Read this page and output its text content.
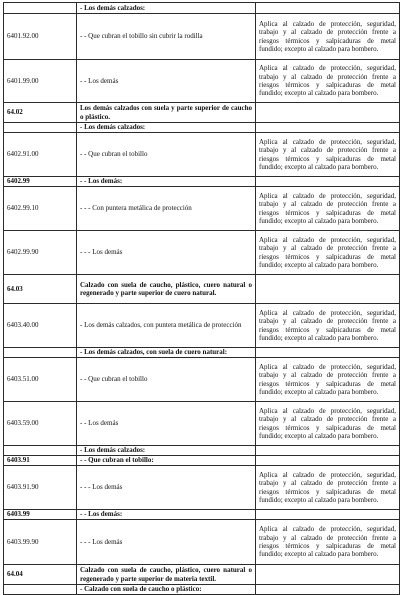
	- Los demás calzados:	
6401.92.00	- - Que cubran el tobillo sin cubrir la rodilla	Aplica al calzado de protección, seguridad, trabajo y al calzado de protección frente a riesgos térmicos y salpicaduras de metal fundido; excepto al calzado para bombero.
6401.99.00	- - Los demás	Aplica al calzado de protección, seguridad, trabajo y al calzado de protección frente a riesgos térmicos y salpicaduras de metal fundido; excepto al calzado para bombero.
64.02	Los demás calzados con suela y parte superior de caucho o plástico.	
	- Los demás calzados:	
6402.91.00	- - Que cubran el tobillo	Aplica al calzado de protección, seguridad, trabajo y al calzado de protección frente a riesgos térmicos y salpicaduras de metal fundido; excepto al calzado para bombero.
6402.99	- - Los demás:	
6402.99.10	- - - Con puntera metálica de protección	Aplica al calzado de protección, seguridad, trabajo y al calzado de protección frente a riesgos térmicos y salpicaduras de metal fundido; excepto al calzado para bombero.
6402.99.90	- - - Los demás	Aplica al calzado de protección, seguridad, trabajo y al calzado de protección frente a riesgos térmicos y salpicaduras de metal fundido; excepto al calzado para bombero.
64.03	Calzado con suela de caucho, plástico, cuero natural o regenerado y parte superior de cuero natural.	
6403.40.00	- Los demás calzados, con puntera metálica de protección	Aplica al calzado de protección, seguridad, trabajo y al calzado de protección frente a riesgos térmicos y salpicaduras de metal fundido; excepto al calzado para bombero.
	- Los demás calzados, con suela de cuero natural:	
6403.51.00	- - Que cubran el tobillo	Aplica al calzado de protección, seguridad, trabajo y al calzado de protección frente a riesgos térmicos y salpicaduras de metal fundido; excepto al calzado para bombero.
6403.59.00	- - Los demás	Aplica al calzado de protección, seguridad, trabajo y al calzado de protección frente a riesgos térmicos y salpicaduras de metal fundido; excepto al calzado para bombero.
	- Los demás calzados:	
6403.91	- - Que cubran el tobillo:	
6403.91.90	- - - Los demás	Aplica al calzado de protección, seguridad, trabajo y al calzado de protección frente a riesgos térmicos y salpicaduras de metal fundido; excepto al calzado para bombero.
6403.99	- - Los demás:	
6403.99.90	- - - Los demás	Aplica al calzado de protección, seguridad, trabajo y al calzado de protección frente a riesgos térmicos y salpicaduras de metal fundido; excepto al calzado para bombero.
64.04	Calzado con suela de caucho, plástico, cuero natural o regenerado y parte superior de materia textil.	
	- Calzado con suela de caucho o plástico:	
